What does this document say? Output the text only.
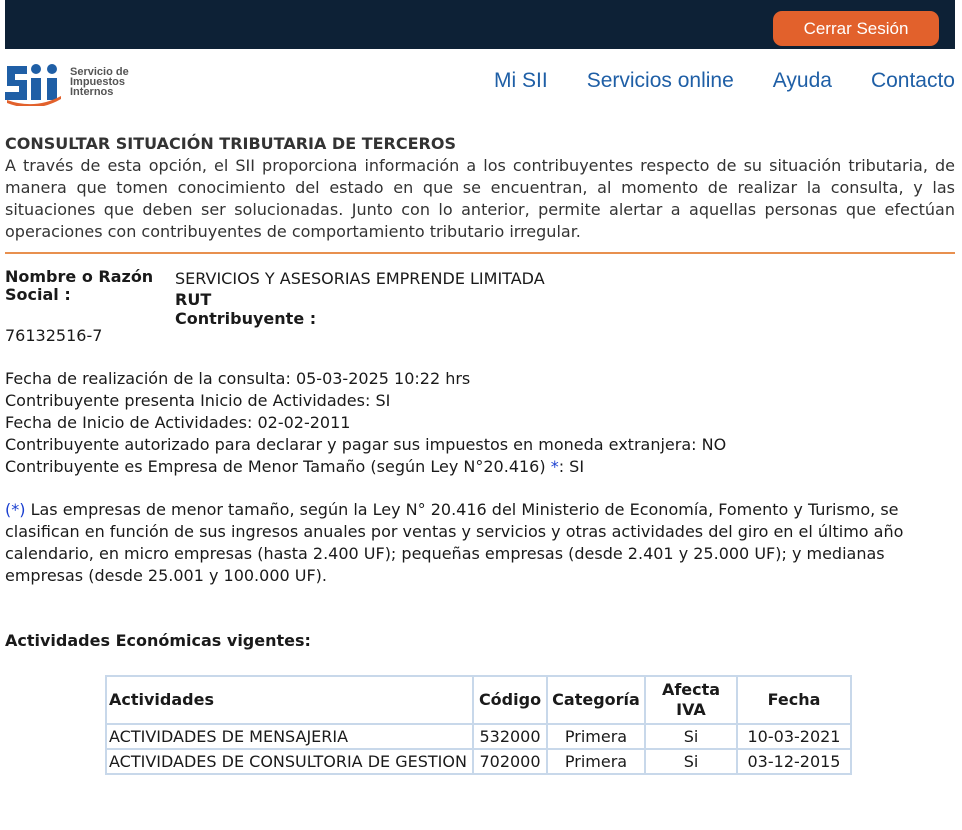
Cerrar Sesión
Servicio de
Impuestos
Internos	Mi SII Servicios online Ayuda Contacto
CONSULTAR SITUACIÓN TRIBUTARIA DE TERCEROS
A través de esta opción, el SII proporciona información a los contribuyentes respecto de su situación tributaria, de manera que tomen conocimiento del estado en que se encuentran, al momento de realizar la consulta, y las situaciones que deben ser solucionadas. Junto con lo anterior, permite alertar a aquellas personas que efectúan operaciones con contribuyentes de comportamiento tributario irregular.
Nombre o Razón Social :
SERVICIOS Y ASESORIAS EMPRENDE LIMITADA
RUT Contribuyente :
76132516-7
Fecha de realización de la consulta: 05-03-2025 10:22 hrs
Contribuyente presenta Inicio de Actividades: SI
Fecha de Inicio de Actividades: 02-02-2011
Contribuyente autorizado para declarar y pagar sus impuestos en moneda extranjera: NO
Contribuyente es Empresa de Menor Tamaño (según Ley N°20.416) *: SI
(*) Las empresas de menor tamaño, según la Ley N° 20.416 del Ministerio de Economía, Fomento y Turismo, se clasifican en función de sus ingresos anuales por ventas y servicios y otras actividades del giro en el último año calendario, en micro empresas (hasta 2.400 UF); pequeñas empresas (desde 2.401 y 25.000 UF); y medianas empresas (desde 25.001 y 100.000 UF).
Actividades Económicas vigentes:
Actividades	Código	Categoría	Afecta IVA	Fecha
ACTIVIDADES DE MENSAJERIA	532000	Primera	Si	10-03-2021
ACTIVIDADES DE CONSULTORIA DE GESTION	702000	Primera	Si	03-12-2015
